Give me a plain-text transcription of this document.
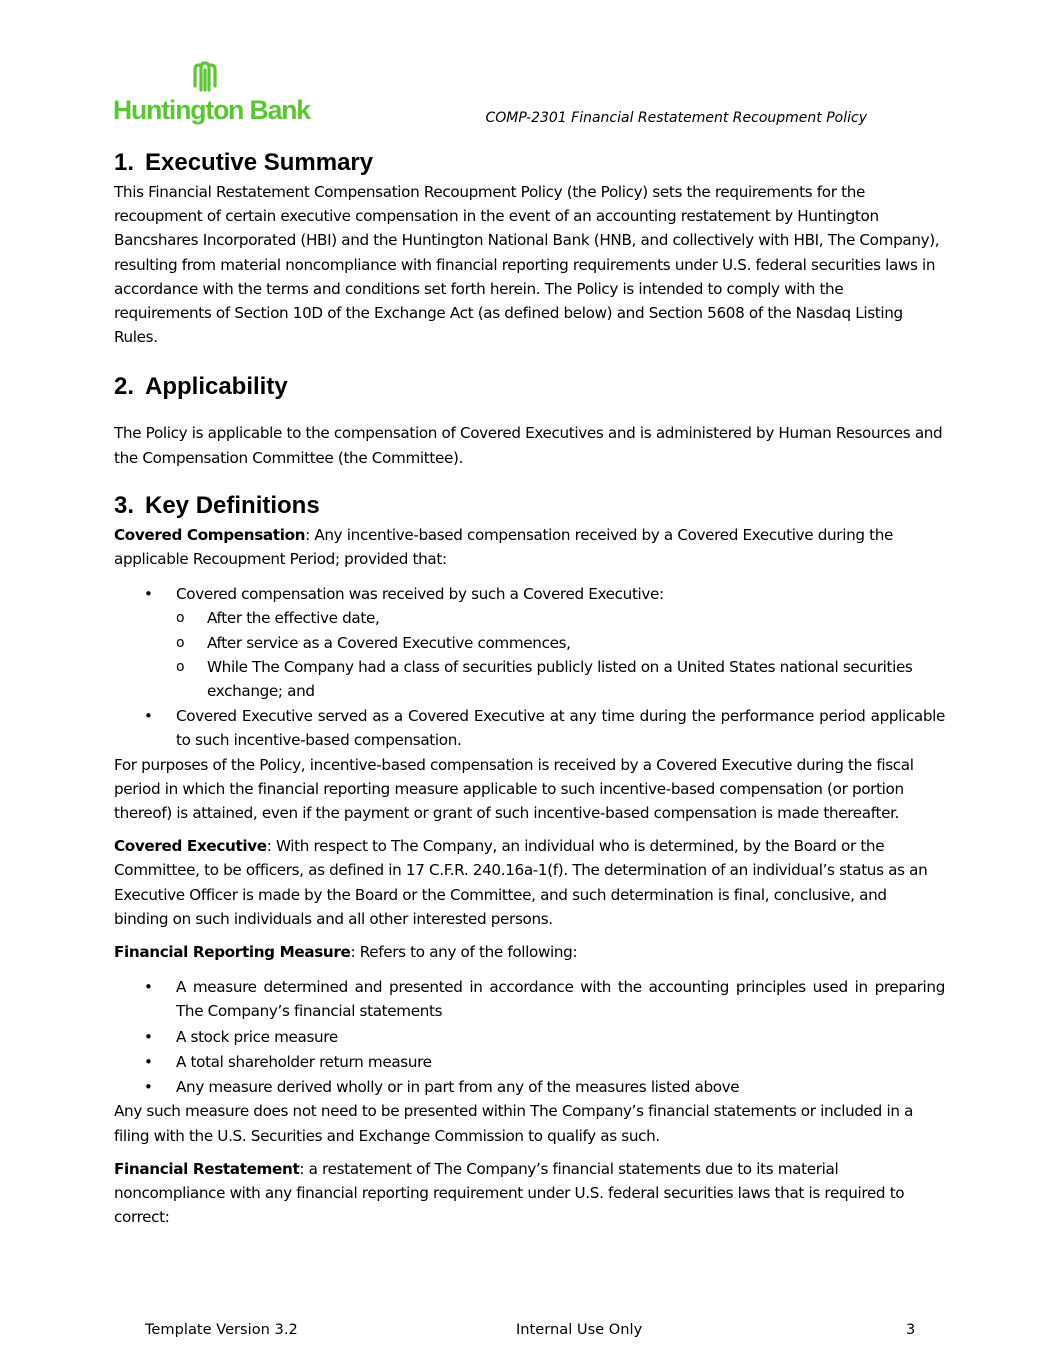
Huntington Bank	COMP-2301 Financial Restatement Recoupment Policy
1. Executive Summary

This Financial Restatement Compensation Recoupment Policy (the Policy) sets the requirements for the recoupment of certain executive compensation in the event of an accounting restatement by Huntington Bancshares Incorporated (HBI) and the Huntington National Bank (HNB, and collectively with HBI, The Company), resulting from material noncompliance with financial reporting requirements under U.S. federal securities laws in accordance with the terms and conditions set forth herein. The Policy is intended to comply with the requirements of Section 10D of the Exchange Act (as defined below) and Section 5608 of the Nasdaq Listing Rules.

2. Applicability

The Policy is applicable to the compensation of Covered Executives and is administered by Human Resources and the Compensation Committee (the Committee).

3. Key Definitions

Covered Compensation: Any incentive-based compensation received by a Covered Executive during the applicable Recoupment Period; provided that:

• Covered compensation was received by such a Covered Executive:
o After the effective date,
o After service as a Covered Executive commences,
o While The Company had a class of securities publicly listed on a United States national securities exchange; and
• Covered Executive served as a Covered Executive at any time during the performance period applicable to such incentive-based compensation.

For purposes of the Policy, incentive-based compensation is received by a Covered Executive during the fiscal period in which the financial reporting measure applicable to such incentive-based compensation (or portion thereof) is attained, even if the payment or grant of such incentive-based compensation is made thereafter.

Covered Executive: With respect to The Company, an individual who is determined, by the Board or the Committee, to be officers, as defined in 17 C.F.R. 240.16a-1(f). The determination of an individual’s status as an Executive Officer is made by the Board or the Committee, and such determination is final, conclusive, and binding on such individuals and all other interested persons.

Financial Reporting Measure: Refers to any of the following:

• A measure determined and presented in accordance with the accounting principles used in preparing The Company’s financial statements
• A stock price measure
• A total shareholder return measure
• Any measure derived wholly or in part from any of the measures listed above

Any such measure does not need to be presented within The Company’s financial statements or included in a filing with the U.S. Securities and Exchange Commission to qualify as such.

Financial Restatement: a restatement of The Company’s financial statements due to its material noncompliance with any financial reporting requirement under U.S. federal securities laws that is required to correct:

Template Version 3.2	Internal Use Only	3
